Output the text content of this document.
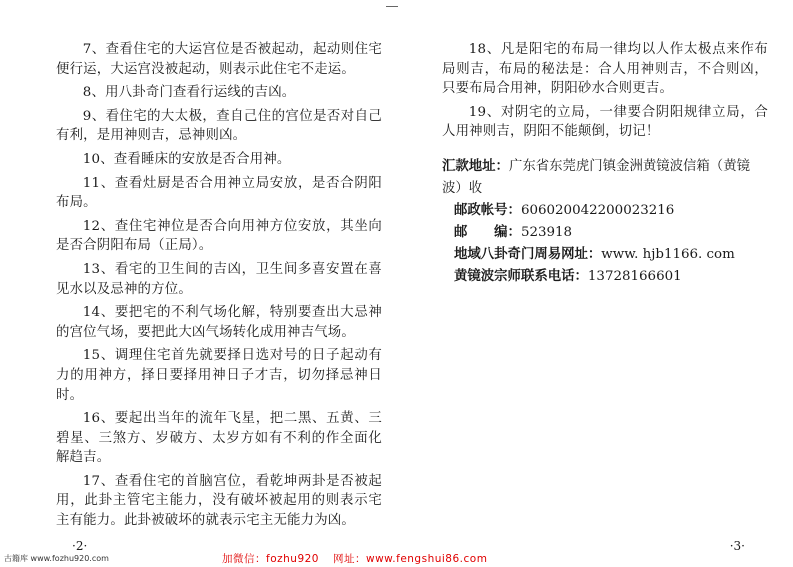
7、查看住宅的大运宫位是否被起动，起动则住宅便行运，大运宫没被起动，则表示此住宅不走运。

8、用八卦奇门查看行运线的吉凶。

9、看住宅的大太极，查自己住的宫位是否对自己有利，是用神则吉，忌神则凶。

10、查看睡床的安放是否合用神。

11、查看灶厨是否合用神立局安放，是否合阴阳布局。

12、查住宅神位是否合向用神方位安放，其坐向是否合阴阳布局（正局）。

13、看宅的卫生间的吉凶，卫生间多喜安置在喜见水以及忌神的方位。

14、要把宅的不利气场化解，特别要查出大忌神的宫位气场，要把此大凶气场转化成用神吉气场。

15、调理住宅首先就要择日选对号的日子起动有力的用神方，择日要择用神日子才吉，切勿择忌神日时。

16、要起出当年的流年飞星，把二黑、五黄、三碧星、三煞方、岁破方、太岁方如有不利的作全面化解趋吉。

17、查看住宅的首脑宫位，看乾坤两卦是否被起用，此卦主管宅主能力，没有破坏被起用的则表示宅主有能力。此卦被破坏的就表示宅主无能力为凶。

·2·
古籍库 www.fozhu920.com

18、凡是阳宅的布局一律均以人作太极点来作布局则吉，布局的秘法是：合人用神则吉，不合则凶，只要布局合用神，阴阳砂水合则更吉。

19、对阴宅的立局，一律要合阴阳规律立局，合人用神则吉，阴阳不能颠倒，切记！

汇款地址：广东省东莞虎门镇金洲黄镜波信箱（黄镜波）收

邮政帐号：606020042200023216

邮　　编：523918

地域八卦奇门周易网址：www. hjb1166. com

黄镜波宗师联系电话：13728166601

·3·
加微信：fozhu920 网址：www.fengshui86.com
